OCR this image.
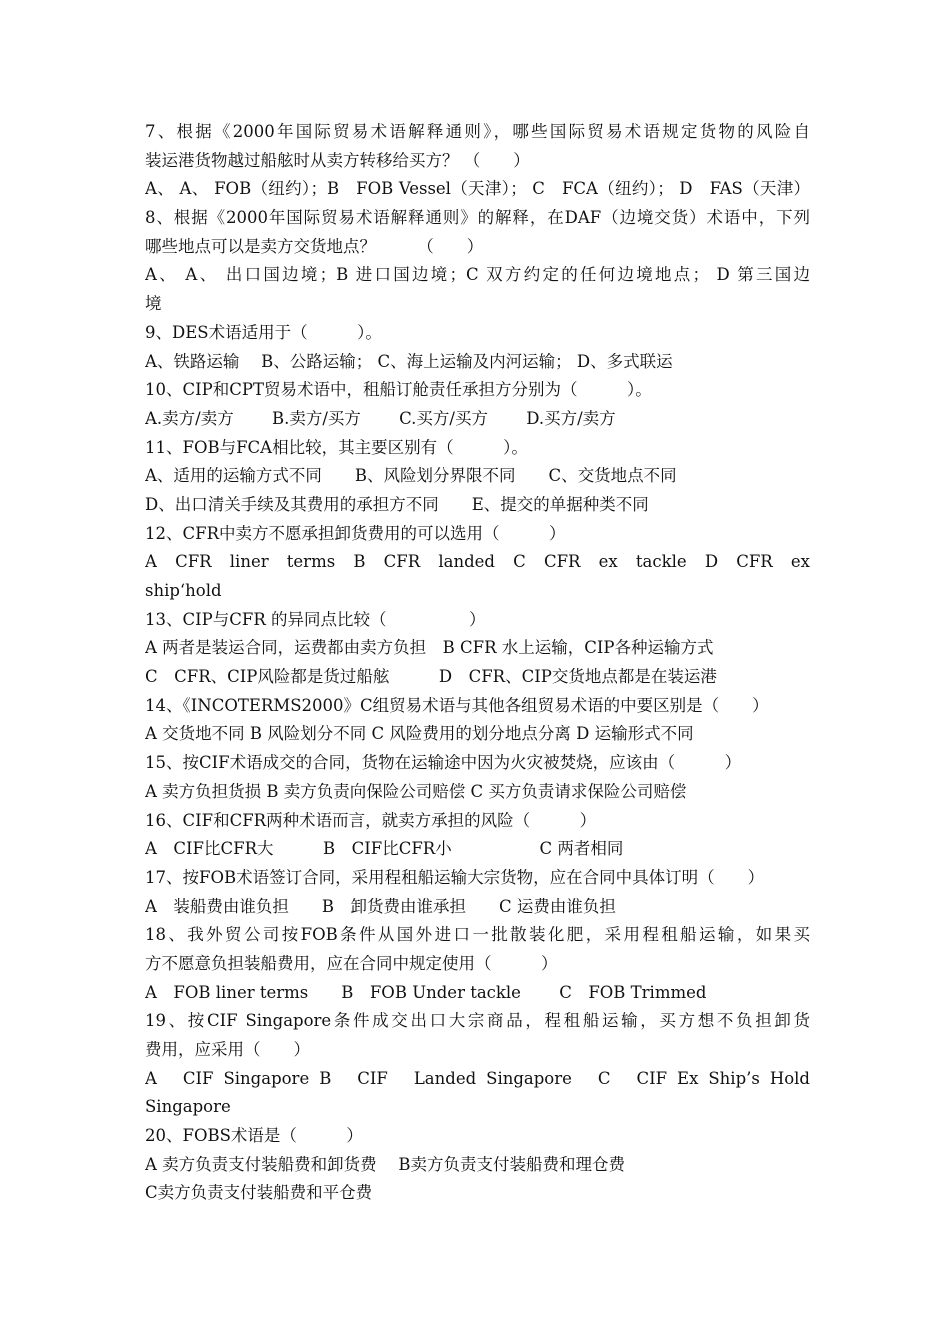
7、根据《2000年国际贸易术语解释通则》，哪些国际贸易术语规定货物的风险自
装运港货物越过船舷时从卖方转移给买方？ （　　）
A、 A、 FOB（纽约）；B　FOB Vessel（天津）； C　FCA（纽约）； D　FAS（天津）
8、根据《2000年国际贸易术语解释通则》的解释，在DAF（边境交货）术语中，下列
哪些地点可以是卖方交货地点？　　　（　　）
A、 A、 出口国边境；B 进口国边境；C 双方约定的任何边境地点； D 第三国边
境
9、DES术语适用于（　　　）。
A、铁路运输　 B、公路运输； C、海上运输及内河运输； D、多式联运
10、CIP和CPT贸易术语中，租船订舱责任承担方分别为（　　　）。
A.卖方/卖方　　 B.卖方/买方　　 C.买方/买方　　 D.买方/卖方
11、FOB与FCA相比较，其主要区别有（　　　）。
A、适用的运输方式不同　　B、风险划分界限不同　　C、交货地点不同
D、出口清关手续及其费用的承担方不同　　E、提交的单据种类不同
12、CFR中卖方不愿承担卸货费用的可以选用（　　　）
A CFR liner terms B CFR landed C CFR ex tackle D CFR ex
ship‘hold
13、CIP与CFR 的异同点比较（　　　　　）
A 两者是装运合同，运费都由卖方负担　B CFR 水上运输，CIP各种运输方式
C　CFR、CIP风险都是货过船舷　　　D　CFR、CIP交货地点都是在装运港
14、《INCOTERMS2000》C组贸易术语与其他各组贸易术语的中要区别是（　　）
A 交货地不同 B 风险划分不同 C 风险费用的划分地点分离 D 运输形式不同
15、按CIF术语成交的合同，货物在运输途中因为火灾被焚烧，应该由（　　　）
A 卖方负担货损 B 卖方负责向保险公司赔偿 C 买方负责请求保险公司赔偿
16、CIF和CFR两种术语而言，就卖方承担的风险（　　　）
A　CIF比CFR大　　　B　CIF比CFR小　　　　　 C 两者相同
17、按FOB术语签订合同，采用程租船运输大宗货物，应在合同中具体订明（　　）
A　装船费由谁负担　　B　卸货费由谁承担　　C 运费由谁负担
18、我外贸公司按FOB条件从国外进口一批散装化肥，采用程租船运输，如果买
方不愿意负担装船费用，应在合同中规定使用（　　　）
A　FOB liner terms　　B　FOB Under tackle　　 C　FOB Trimmed
19、按CIF Singapore条件成交出口大宗商品，程租船运输，买方想不负担卸货
费用，应采用（　　）
A　CIF Singapore B　CIF　Landed Singapore　C　CIF Ex Ship’s Hold
Singapore
20、FOBS术语是（　　　）
A 卖方负责支付装船费和卸货费　 B卖方负责支付装船费和理仓费
C卖方负责支付装船费和平仓费
